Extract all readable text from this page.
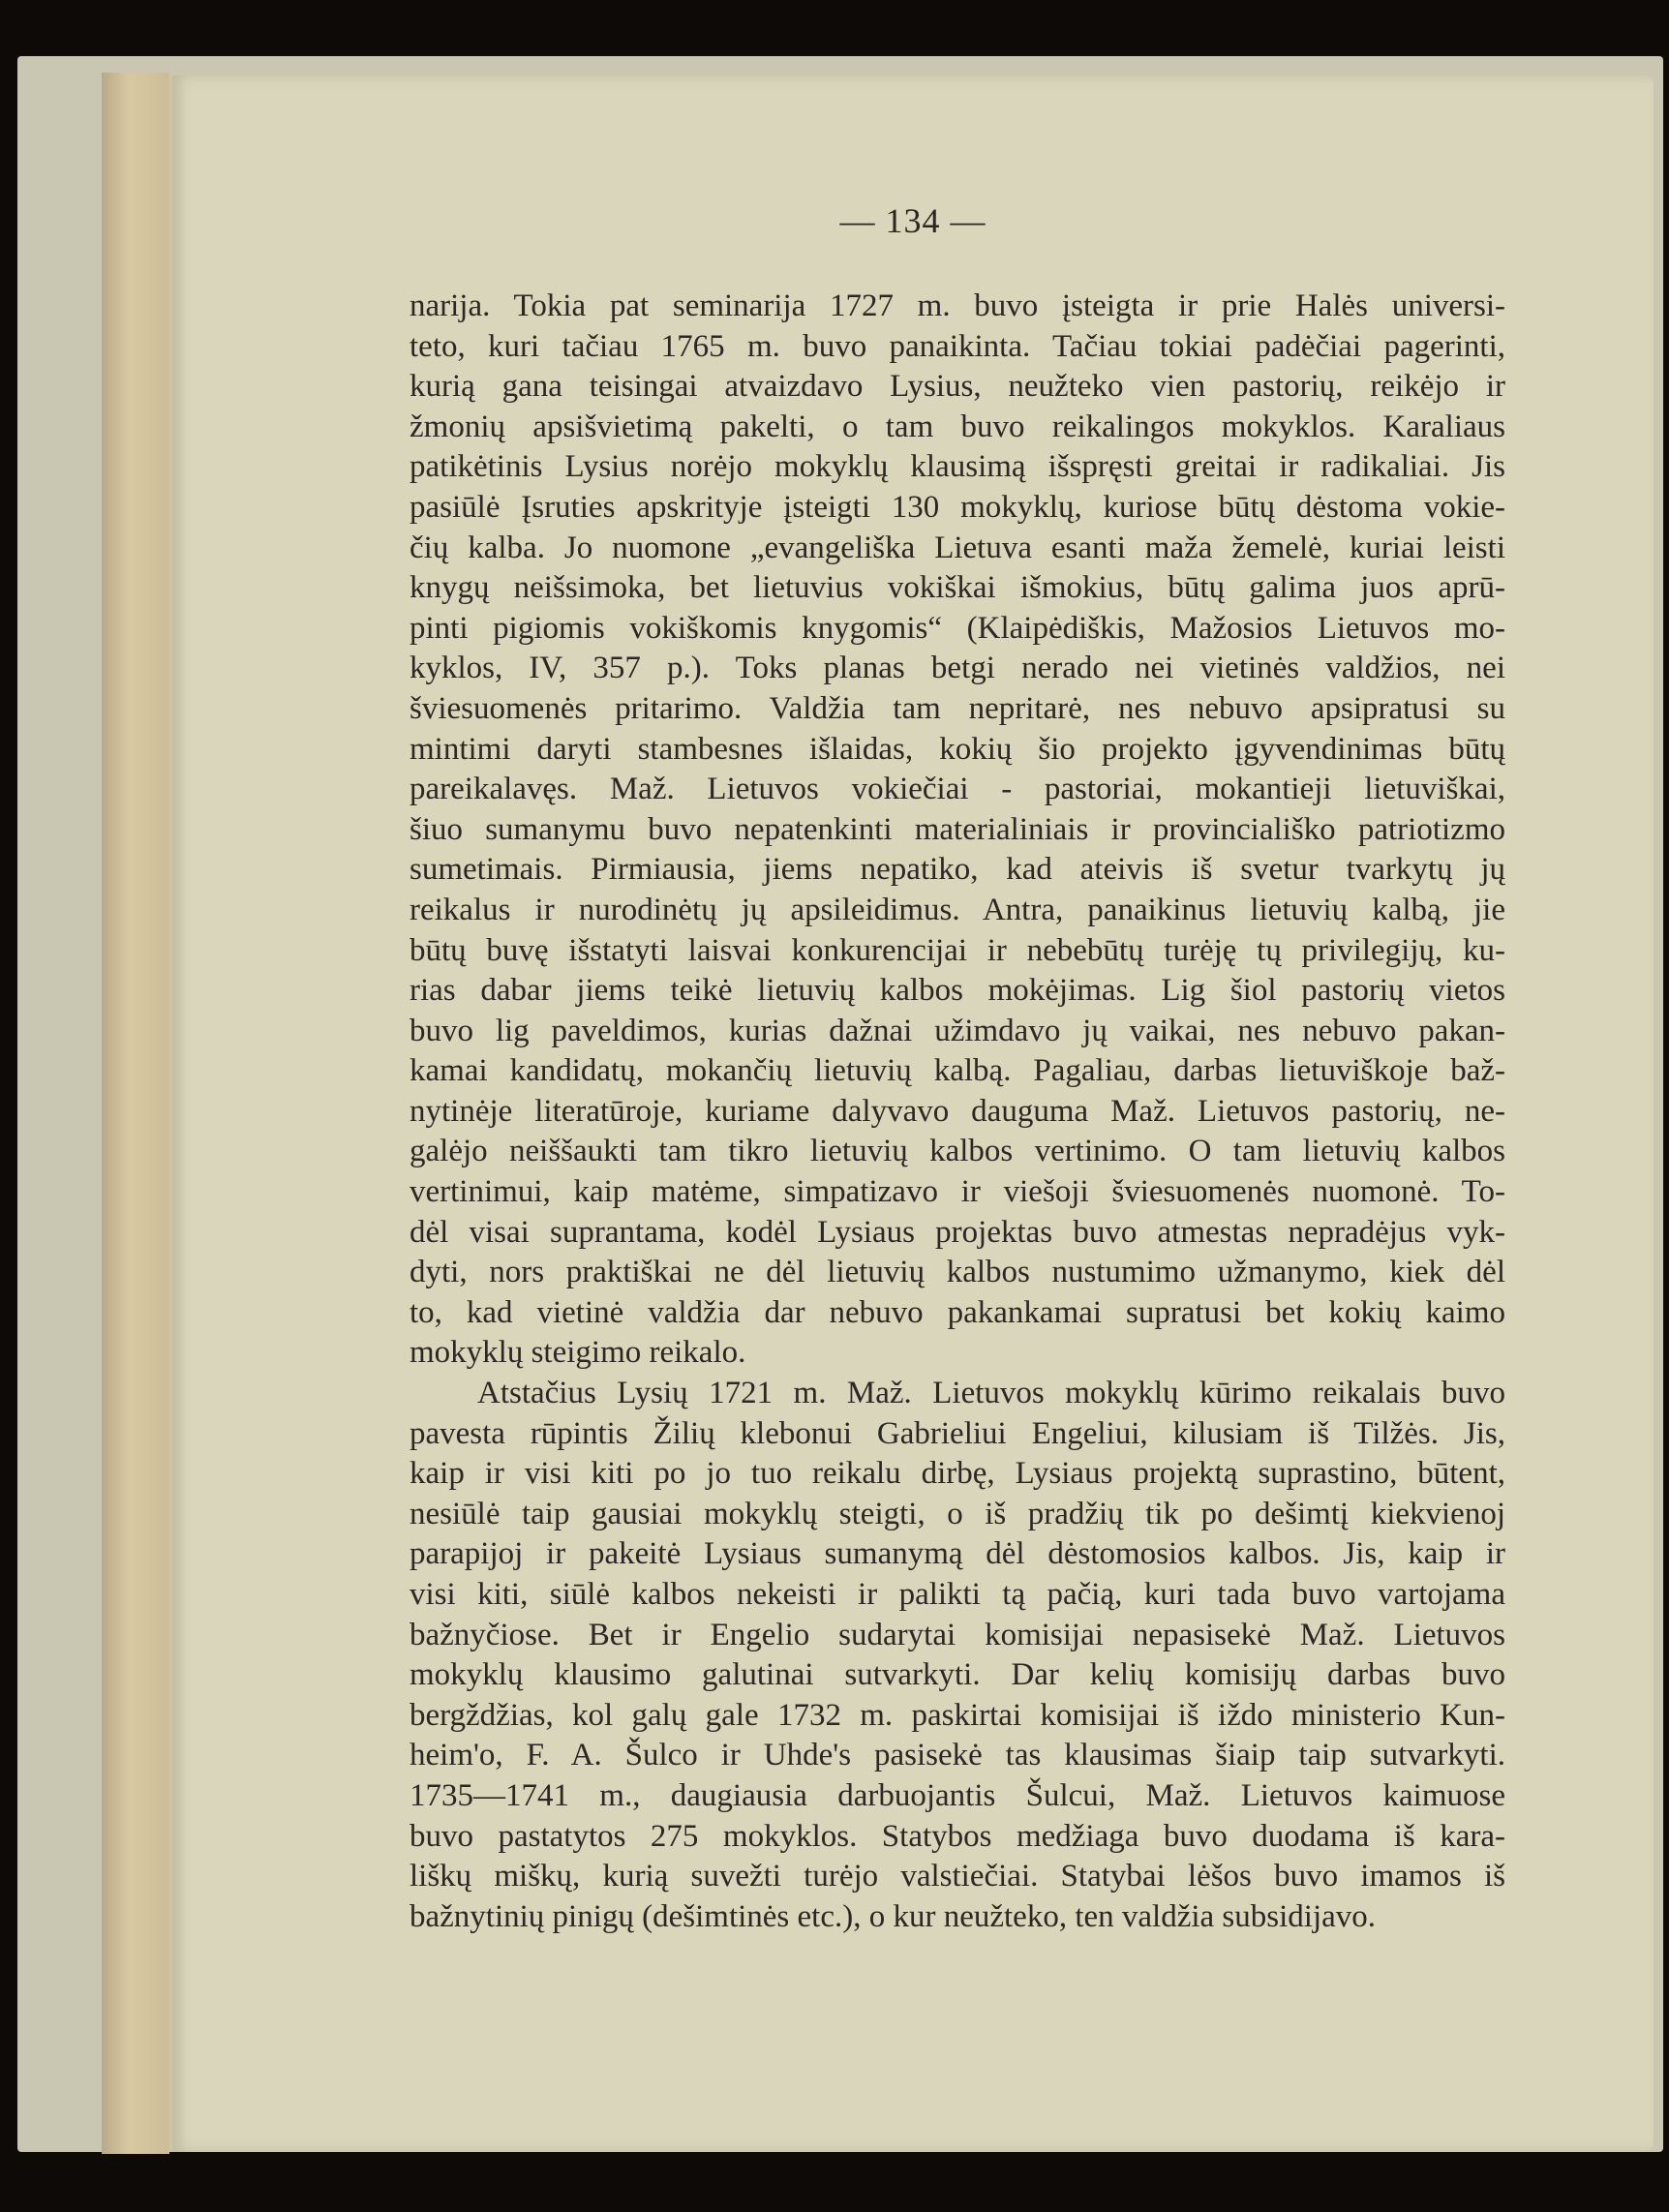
— 134 —
narija. Tokia pat seminarija 1727 m. buvo įsteigta ir prie Halės universi-
teto, kuri tačiau 1765 m. buvo panaikinta. Tačiau tokiai padėčiai pagerinti,
kurią gana teisingai atvaizdavo Lysius, neužteko vien pastorių, reikėjo ir
žmonių apsišvietimą pakelti, o tam buvo reikalingos mokyklos. Karaliaus
patikėtinis Lysius norėjo mokyklų klausimą išspręsti greitai ir radikaliai. Jis
pasiūlė Įsruties apskrityje įsteigti 130 mokyklų, kuriose būtų dėstoma vokie-
čių kalba. Jo nuomone „evangeliška Lietuva esanti maža žemelė, kuriai leisti
knygų neišsimoka, bet lietuvius vokiškai išmokius, būtų galima juos aprū-
pinti pigiomis vokiškomis knygomis“ (Klaipėdiškis, Mažosios Lietuvos mo-
kyklos, IV, 357 p.). Toks planas betgi nerado nei vietinės valdžios, nei
šviesuomenės pritarimo. Valdžia tam nepritarė, nes nebuvo apsipratusi su
mintimi daryti stambesnes išlaidas, kokių šio projekto įgyvendinimas būtų
pareikalavęs. Maž. Lietuvos vokiečiai - pastoriai, mokantieji lietuviškai,
šiuo sumanymu buvo nepatenkinti materialiniais ir provinciališko patriotizmo
sumetimais. Pirmiausia, jiems nepatiko, kad ateivis iš svetur tvarkytų jų
reikalus ir nurodinėtų jų apsileidimus. Antra, panaikinus lietuvių kalbą, jie
būtų buvę išstatyti laisvai konkurencijai ir nebebūtų turėję tų privilegijų, ku-
rias dabar jiems teikė lietuvių kalbos mokėjimas. Lig šiol pastorių vietos
buvo lig paveldimos, kurias dažnai užimdavo jų vaikai, nes nebuvo pakan-
kamai kandidatų, mokančių lietuvių kalbą. Pagaliau, darbas lietuviškoje baž-
nytinėje literatūroje, kuriame dalyvavo dauguma Maž. Lietuvos pastorių, ne-
galėjo neiššaukti tam tikro lietuvių kalbos vertinimo. O tam lietuvių kalbos
vertinimui, kaip matėme, simpatizavo ir viešoji šviesuomenės nuomonė. To-
dėl visai suprantama, kodėl Lysiaus projektas buvo atmestas nepradėjus vyk-
dyti, nors praktiškai ne dėl lietuvių kalbos nustumimo užmanymo, kiek dėl
to, kad vietinė valdžia dar nebuvo pakankamai supratusi bet kokių kaimo
mokyklų steigimo reikalo.
Atstačius Lysių 1721 m. Maž. Lietuvos mokyklų kūrimo reikalais buvo
pavesta rūpintis Žilių klebonui Gabrieliui Engeliui, kilusiam iš Tilžės. Jis,
kaip ir visi kiti po jo tuo reikalu dirbę, Lysiaus projektą suprastino, būtent,
nesiūlė taip gausiai mokyklų steigti, o iš pradžių tik po dešimtį kiekvienoj
parapijoj ir pakeitė Lysiaus sumanymą dėl dėstomosios kalbos. Jis, kaip ir
visi kiti, siūlė kalbos nekeisti ir palikti tą pačią, kuri tada buvo vartojama
bažnyčiose. Bet ir Engelio sudarytai komisijai nepasisekė Maž. Lietuvos
mokyklų klausimo galutinai sutvarkyti. Dar kelių komisijų darbas buvo
bergždžias, kol galų gale 1732 m. paskirtai komisijai iš iždo ministerio Kun-
heim'o, F. A. Šulco ir Uhde's pasisekė tas klausimas šiaip taip sutvarkyti.
1735—1741 m., daugiausia darbuojantis Šulcui, Maž. Lietuvos kaimuose
buvo pastatytos 275 mokyklos. Statybos medžiaga buvo duodama iš kara-
liškų miškų, kurią suvežti turėjo valstiečiai. Statybai lėšos buvo imamos iš
bažnytinių pinigų (dešimtinės etc.), o kur neužteko, ten valdžia subsidijavo.
